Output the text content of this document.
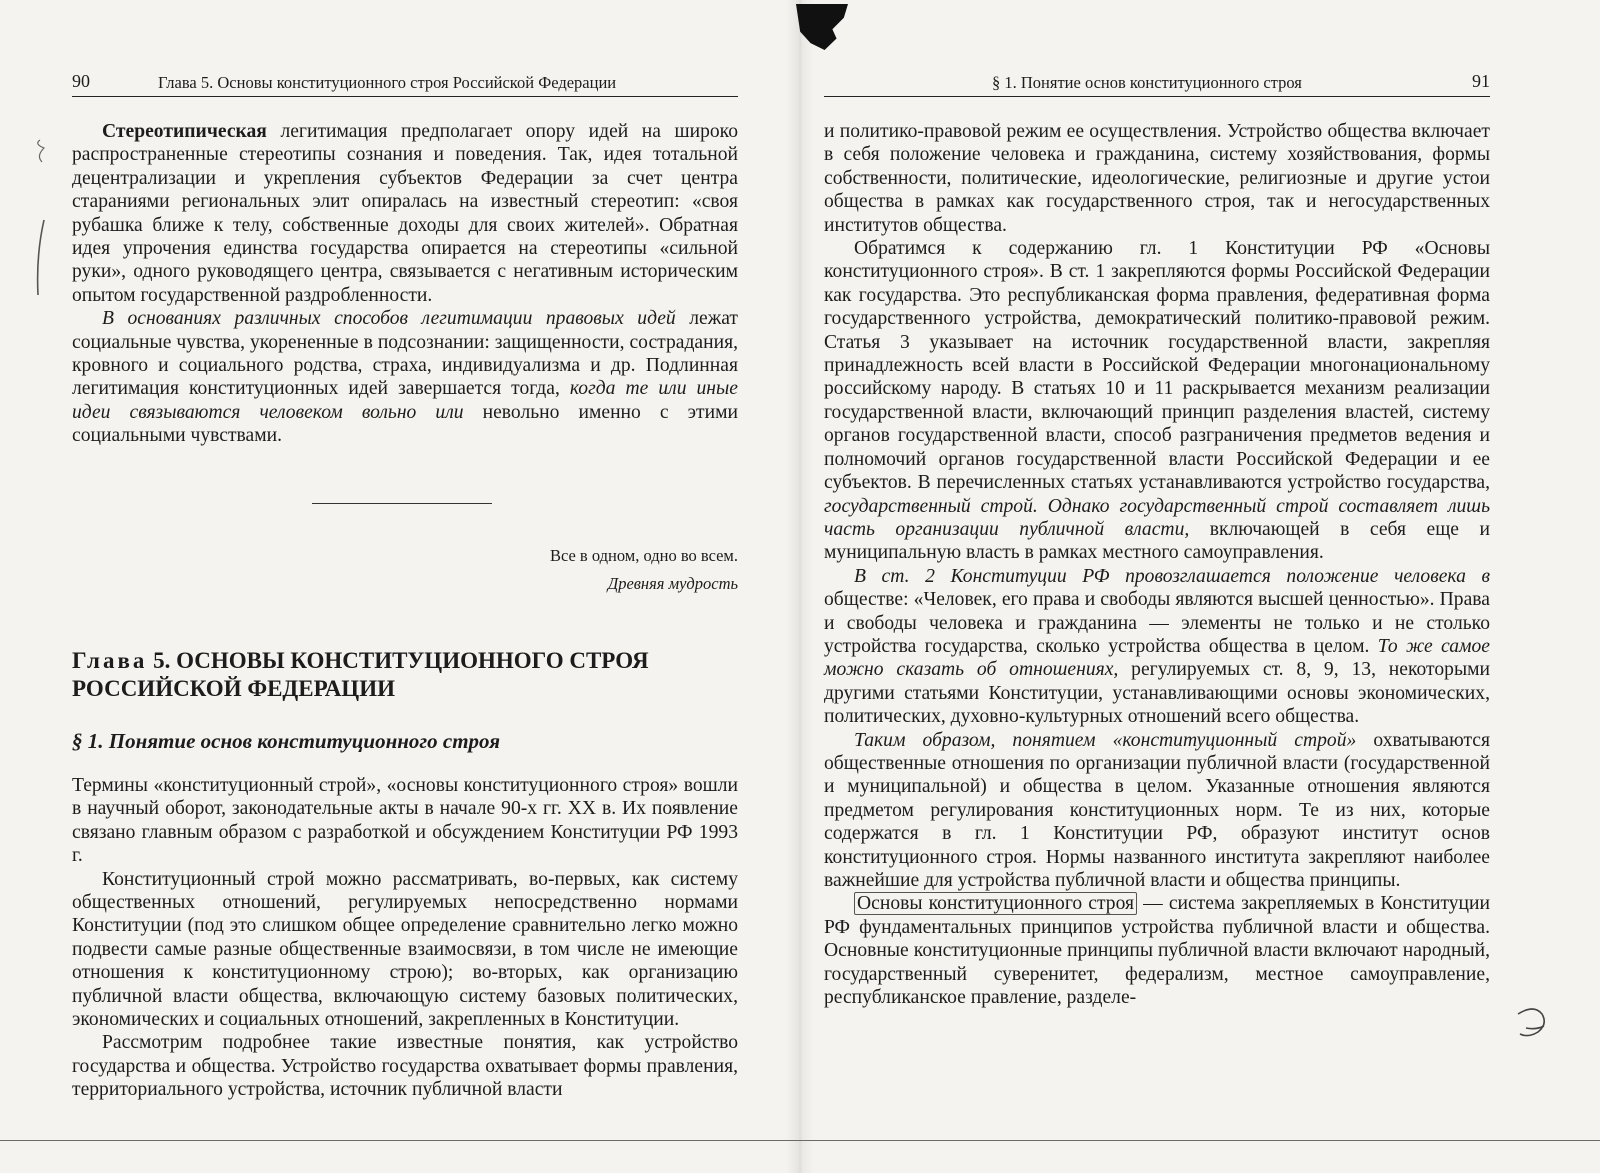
90	Глава 5. Основы конституционного строя Российской Федерации

Стереотипическая легитимация предполагает опору идей на широко распространенные стереотипы сознания и поведения. Так, идея тотальной децентрализации и укрепления субъектов Федерации за счет центра стараниями региональных элит опиралась на известный стереотип: «своя рубашка ближе к телу, собственные доходы для своих жителей». Обратная идея упрочения единства государства опирается на стереотипы «сильной руки», одного руководящего центра, связывается с негативным историческим опытом государственной раздробленности.

В основаниях различных способов легитимации правовых идей лежат социальные чувства, укорененные в подсознании: защищенности, сострадания, кровного и социального родства, страха, индивидуализма и др. Подлинная легитимация конституционных идей завершается тогда, когда те или иные идеи связываются человеком вольно или невольно именно с этими социальными чувствами.

Все в одном, одно во всем.
Древняя мудрость
Глава 5. ОСНОВЫ КОНСТИТУЦИОННОГО СТРОЯ
РОССИЙСКОЙ ФЕДЕРАЦИИ
§ 1. Понятие основ конституционного строя

Термины «конституционный строй», «основы конституционного строя» вошли в научный оборот, законодательные акты в начале 90-х гг. XX в. Их появление связано главным образом с разработкой и обсуждением Конституции РФ 1993 г.

Конституционный строй можно рассматривать, во-первых, как систему общественных отношений, регулируемых непосредственно нормами Конституции (под это слишком общее определение сравнительно легко можно подвести самые разные общественные взаимосвязи, в том числе не имеющие отношения к конституционному строю); во-вторых, как организацию публичной власти общества, включающую систему базовых политических, экономических и социальных отношений, закрепленных в Конституции.

Рассмотрим подробнее такие известные понятия, как устройство государства и общества. Устройство государства охватывает формы правления, территориального устройства, источник публичной власти

§ 1. Понятие основ конституционного строя	91

и политико-правовой режим ее осуществления. Устройство общества включает в себя положение человека и гражданина, систему хозяйствования, формы собственности, политические, идеологические, религиозные и другие устои общества в рамках как государственного строя, так и негосударственных институтов общества.

Обратимся к содержанию гл. 1 Конституции РФ «Основы конституционного строя». В ст. 1 закрепляются формы Российской Федерации как государства. Это республиканская форма правления, федеративная форма государственного устройства, демократический политико-правовой режим. Статья 3 указывает на источник государственной власти, закрепляя принадлежность всей власти в Российской Федерации многонациональному российскому народу. В статьях 10 и 11 раскрывается механизм реализации государственной власти, включающий принцип разделения властей, систему органов государственной власти, способ разграничения предметов ведения и полномочий органов государственной власти Российской Федерации и ее субъектов. В перечисленных статьях устанавливаются устройство государства, государственный строй. Однако государственный строй составляет лишь часть организации публичной власти, включающей в себя еще и муниципальную власть в рамках местного самоуправления.

В ст. 2 Конституции РФ провозглашается положение человека в обществе: «Человек, его права и свободы являются высшей ценностью». Права и свободы человека и гражданина — элементы не только и не столько устройства государства, сколько устройства общества в целом. То же самое можно сказать об отношениях, регулируемых ст. 8, 9, 13, некоторыми другими статьями Конституции, устанавливающими основы экономических, политических, духовно-культурных отношений всего общества.

Таким образом, понятием «конституционный строй» охватываются общественные отношения по организации публичной власти (государственной и муниципальной) и общества в целом. Указанные отношения являются предметом регулирования конституционных норм. Те из них, которые содержатся в гл. 1 Конституции РФ, образуют институт основ конституционного строя. Нормы названного института закрепляют наиболее важнейшие для устройства публичной власти и общества принципы.

Основы конституционного строя — система закрепляемых в Конституции РФ фундаментальных принципов устройства публичной власти и общества. Основные конституционные принципы публичной власти включают народный, государственный суверенитет, федерализм, местное самоуправление, республиканское правление, разделе-
